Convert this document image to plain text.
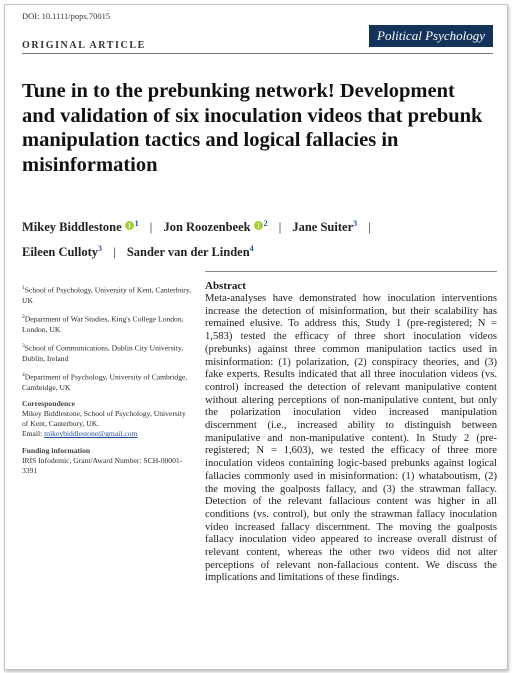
DOI: 10.1111/pops.70015
ORIGINAL ARTICLE
Political Psychology
Tune in to the prebunking network! Development and validation of six inoculation videos that prebunk manipulation tactics and logical fallacies in misinformation
Mikey Biddlestone $^1$ | Jon Roozenbeek $^2$ | Jane Suiter$^3$ |
Eileen Culloty$^3$ | Sander van der Linden$^4$

$^1$School of Psychology, University of Kent, Canterbury, UK

$^2$Department of War Studies, King's College London, London, UK

$^3$School of Communications, Dublin City University, Dublin, Ireland

$^4$Department of Psychology, University of Cambridge, Cambridge, UK

Correspondence

Mikey Biddlestone, School of Psychology, University of Kent, Canterbury, UK.
Email: mikeybiddlestone@gmail.com

Funding information

IRIS Infodemic, Grant/Award Number: SCH-00001-3391

Abstract

Meta-analyses have demonstrated how inoculation interventions increase the detection of misinformation, but their scalability has remained elusive. To address this, Study 1 (pre-registered; N = 1,583) tested the efficacy of three short inoculation videos (prebunks) against three common manipulation tactics used in misinformation: (1) polarization, (2) conspiracy theories, and (3) fake experts. Results indicated that all three inoculation videos (vs. control) increased the detection of relevant manipulative content without altering perceptions of non-manipulative content, but only the polarization inoculation video increased manipulation discernment (i.e., increased ability to distinguish between manipulative and non-manipulative content). In Study 2 (pre-registered; N = 1,603), we tested the efficacy of three more inoculation videos containing logic-based prebunks against logical fallacies commonly used in misinformation: (1) whataboutism, (2) the moving the goalposts fallacy, and (3) the strawman fallacy. Detection of the relevant fallacious content was higher in all conditions (vs. control), but only the strawman fallacy inoculation video increased fallacy discernment. The moving the goalposts fallacy inoculation video appeared to increase overall distrust of relevant content, whereas the other two videos did not alter perceptions of relevant non-fallacious content. We discuss the implications and limitations of these findings.
